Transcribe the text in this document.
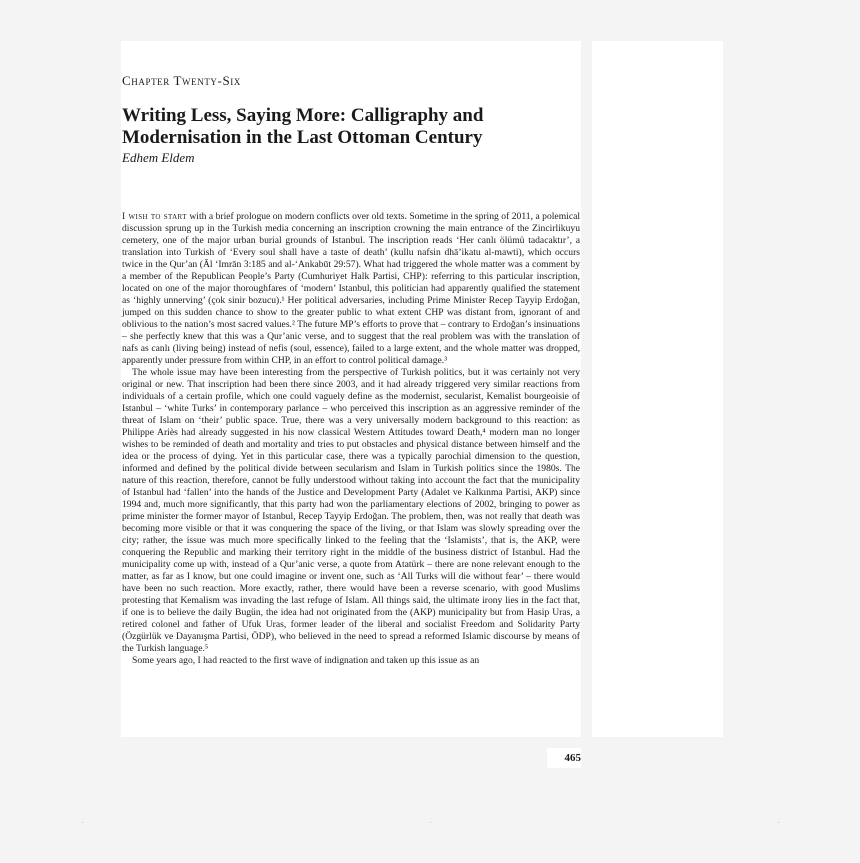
Chapter Twenty-Six
Writing Less, Saying More: Calligraphy and Modernisation in the Last Ottoman Century
Edhem Eldem

I wish to start with a brief prologue on modern conflicts over old texts. Sometime in the spring of 2011, a polemical discussion sprung up in the Turkish media concerning an inscription crowning the main entrance of the Zincirlikuyu cemetery, one of the major urban burial grounds of Istanbul. The inscription reads ‘Her canlı ölümü tadacaktır’, a translation into Turkish of ‘Every soul shall have a taste of death’ (kullu nafsin dhā’ikatu al-mawti), which occurs twice in the Qur’an (Āl ‘Imrān 3:185 and al-‘Ankabūt 29:57). What had triggered the whole matter was a comment by a member of the Republican People’s Party (Cumhuriyet Halk Partisi, CHP): referring to this particular inscription, located on one of the major thoroughfares of ‘modern’ Istanbul, this politician had apparently qualified the statement as ‘highly unnerving’ (çok sinir bozucu).¹ Her political adversaries, including Prime Minister Recep Tayyip Erdoğan, jumped on this sudden chance to show to the greater public to what extent CHP was distant from, ignorant of and oblivious to the nation’s most sacred values.² The future MP’s efforts to prove that – contrary to Erdoğan’s insinuations – she perfectly knew that this was a Qur’anic verse, and to suggest that the real problem was with the translation of nafs as canlı (living being) instead of nefis (soul, essence), failed to a large extent, and the whole matter was dropped, apparently under pressure from within CHP, in an effort to control political damage.³

The whole issue may have been interesting from the perspective of Turkish politics, but it was certainly not very original or new. That inscription had been there since 2003, and it had already triggered very similar reactions from individuals of a certain profile, which one could vaguely define as the modernist, secularist, Kemalist bourgeoisie of Istanbul – ‘white Turks’ in contemporary parlance – who perceived this inscription as an aggressive reminder of the threat of Islam on ‘their’ public space. True, there was a very universally modern background to this reaction: as Philippe Ariès had already suggested in his now classical Western Attitudes toward Death,⁴ modern man no longer wishes to be reminded of death and mortality and tries to put obstacles and physical distance between himself and the idea or the process of dying. Yet in this particular case, there was a typically parochial dimension to the question, informed and defined by the political divide between secularism and Islam in Turkish politics since the 1980s. The nature of this reaction, therefore, cannot be fully understood without taking into account the fact that the municipality of Istanbul had ‘fallen’ into the hands of the Justice and Development Party (Adalet ve Kalkınma Partisi, AKP) since 1994 and, much more significantly, that this party had won the parliamentary elections of 2002, bringing to power as prime minister the former mayor of Istanbul, Recep Tayyip Erdoğan. The problem, then, was not really that death was becoming more visible or that it was conquering the space of the living, or that Islam was slowly spreading over the city; rather, the issue was much more specifically linked to the feeling that the ‘Islamists’, that is, the AKP, were conquering the Republic and marking their territory right in the middle of the business district of Istanbul. Had the municipality come up with, instead of a Qur’anic verse, a quote from Atatürk – there are none relevant enough to the matter, as far as I know, but one could imagine or invent one, such as ‘All Turks will die without fear’ – there would have been no such reaction. More exactly, rather, there would have been a reverse scenario, with good Muslims protesting that Kemalism was invading the last refuge of Islam. All things said, the ultimate irony lies in the fact that, if one is to believe the daily Bugün, the idea had not originated from the (AKP) municipality but from Hasip Uras, a retired colonel and father of Ufuk Uras, former leader of the liberal and socialist Freedom and Solidarity Party (Özgürlük ve Dayanışma Partisi, ÖDP), who believed in the need to spread a reformed Islamic discourse by means of the Turkish language.⁵

Some years ago, I had reacted to the first wave of indignation and taken up this issue as an

465
